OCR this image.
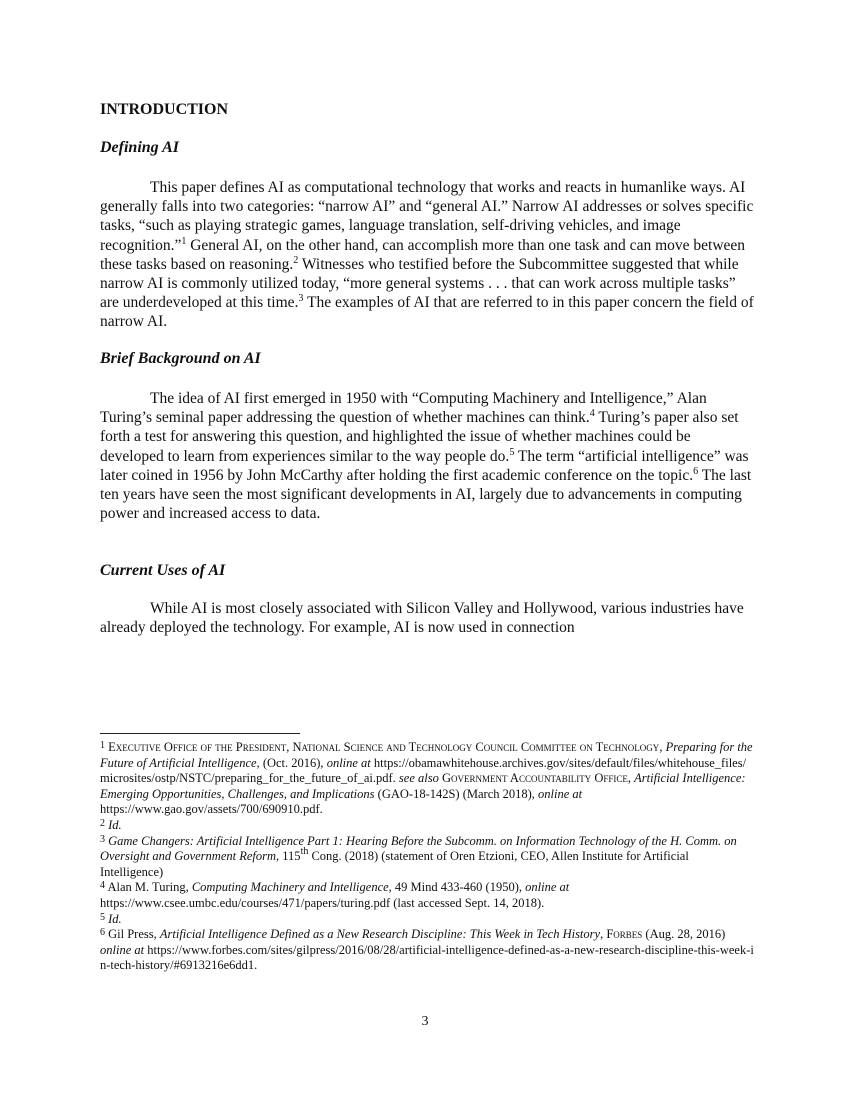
INTRODUCTION
Defining AI

This paper defines AI as computational technology that works and reacts in humanlike ways. AI generally falls into two categories: “narrow AI” and “general AI.” Narrow AI addresses or solves specific tasks, “such as playing strategic games, language translation, self-driving vehicles, and image recognition.”$^1$ General AI, on the other hand, can accomplish more than one task and can move between these tasks based on reasoning.$^2$ Witnesses who testified before the Subcommittee suggested that while narrow AI is commonly utilized today, “more general systems . . . that can work across multiple tasks” are underdeveloped at this time.$^3$ The examples of AI that are referred to in this paper concern the field of narrow AI.

Brief Background on AI

The idea of AI first emerged in 1950 with “Computing Machinery and Intelligence,” Alan Turing’s seminal paper addressing the question of whether machines can think.$^4$ Turing’s paper also set forth a test for answering this question, and highlighted the issue of whether machines could be developed to learn from experiences similar to the way people do.$^5$ The term “artificial intelligence” was later coined in 1956 by John McCarthy after holding the first academic conference on the topic.$^6$ The last ten years have seen the most significant developments in AI, largely due to advancements in computing power and increased access to data.

Current Uses of AI

While AI is most closely associated with Silicon Valley and Hollywood, various industries have already deployed the technology. For example, AI is now used in connection

$^1$ Executive Office of the President, National Science and Technology Council Committee on Technology, Preparing for the Future of Artificial Intelligence, (Oct. 2016), online at https://obamawhitehouse.archives.gov/sites/default/files/whitehouse_files/microsites/ostp/NSTC/preparing_for_the_future_of_ai.pdf. see also Government Accountability Office, Artificial Intelligence: Emerging Opportunities, Challenges, and Implications (GAO-18-142S) (March 2018), online at https://www.gao.gov/assets/700/690910.pdf.

$^2$ Id.

$^3$ Game Changers: Artificial Intelligence Part 1: Hearing Before the Subcomm. on Information Technology of the H. Comm. on Oversight and Government Reform, 115th Cong. (2018) (statement of Oren Etzioni, CEO, Allen Institute for Artificial Intelligence)

$^4$ Alan M. Turing, Computing Machinery and Intelligence, 49 Mind 433-460 (1950), online at https://www.csee.umbc.edu/courses/471/papers/turing.pdf (last accessed Sept. 14, 2018).

$^5$ Id.

$^6$ Gil Press, Artificial Intelligence Defined as a New Research Discipline: This Week in Tech History, Forbes (Aug. 28, 2016) online at https://www.forbes.com/sites/gilpress/2016/08/28/artificial-intelligence-defined-as-a-new-research-discipline-this-week-in-tech-history/#6913216e6dd1.

3
